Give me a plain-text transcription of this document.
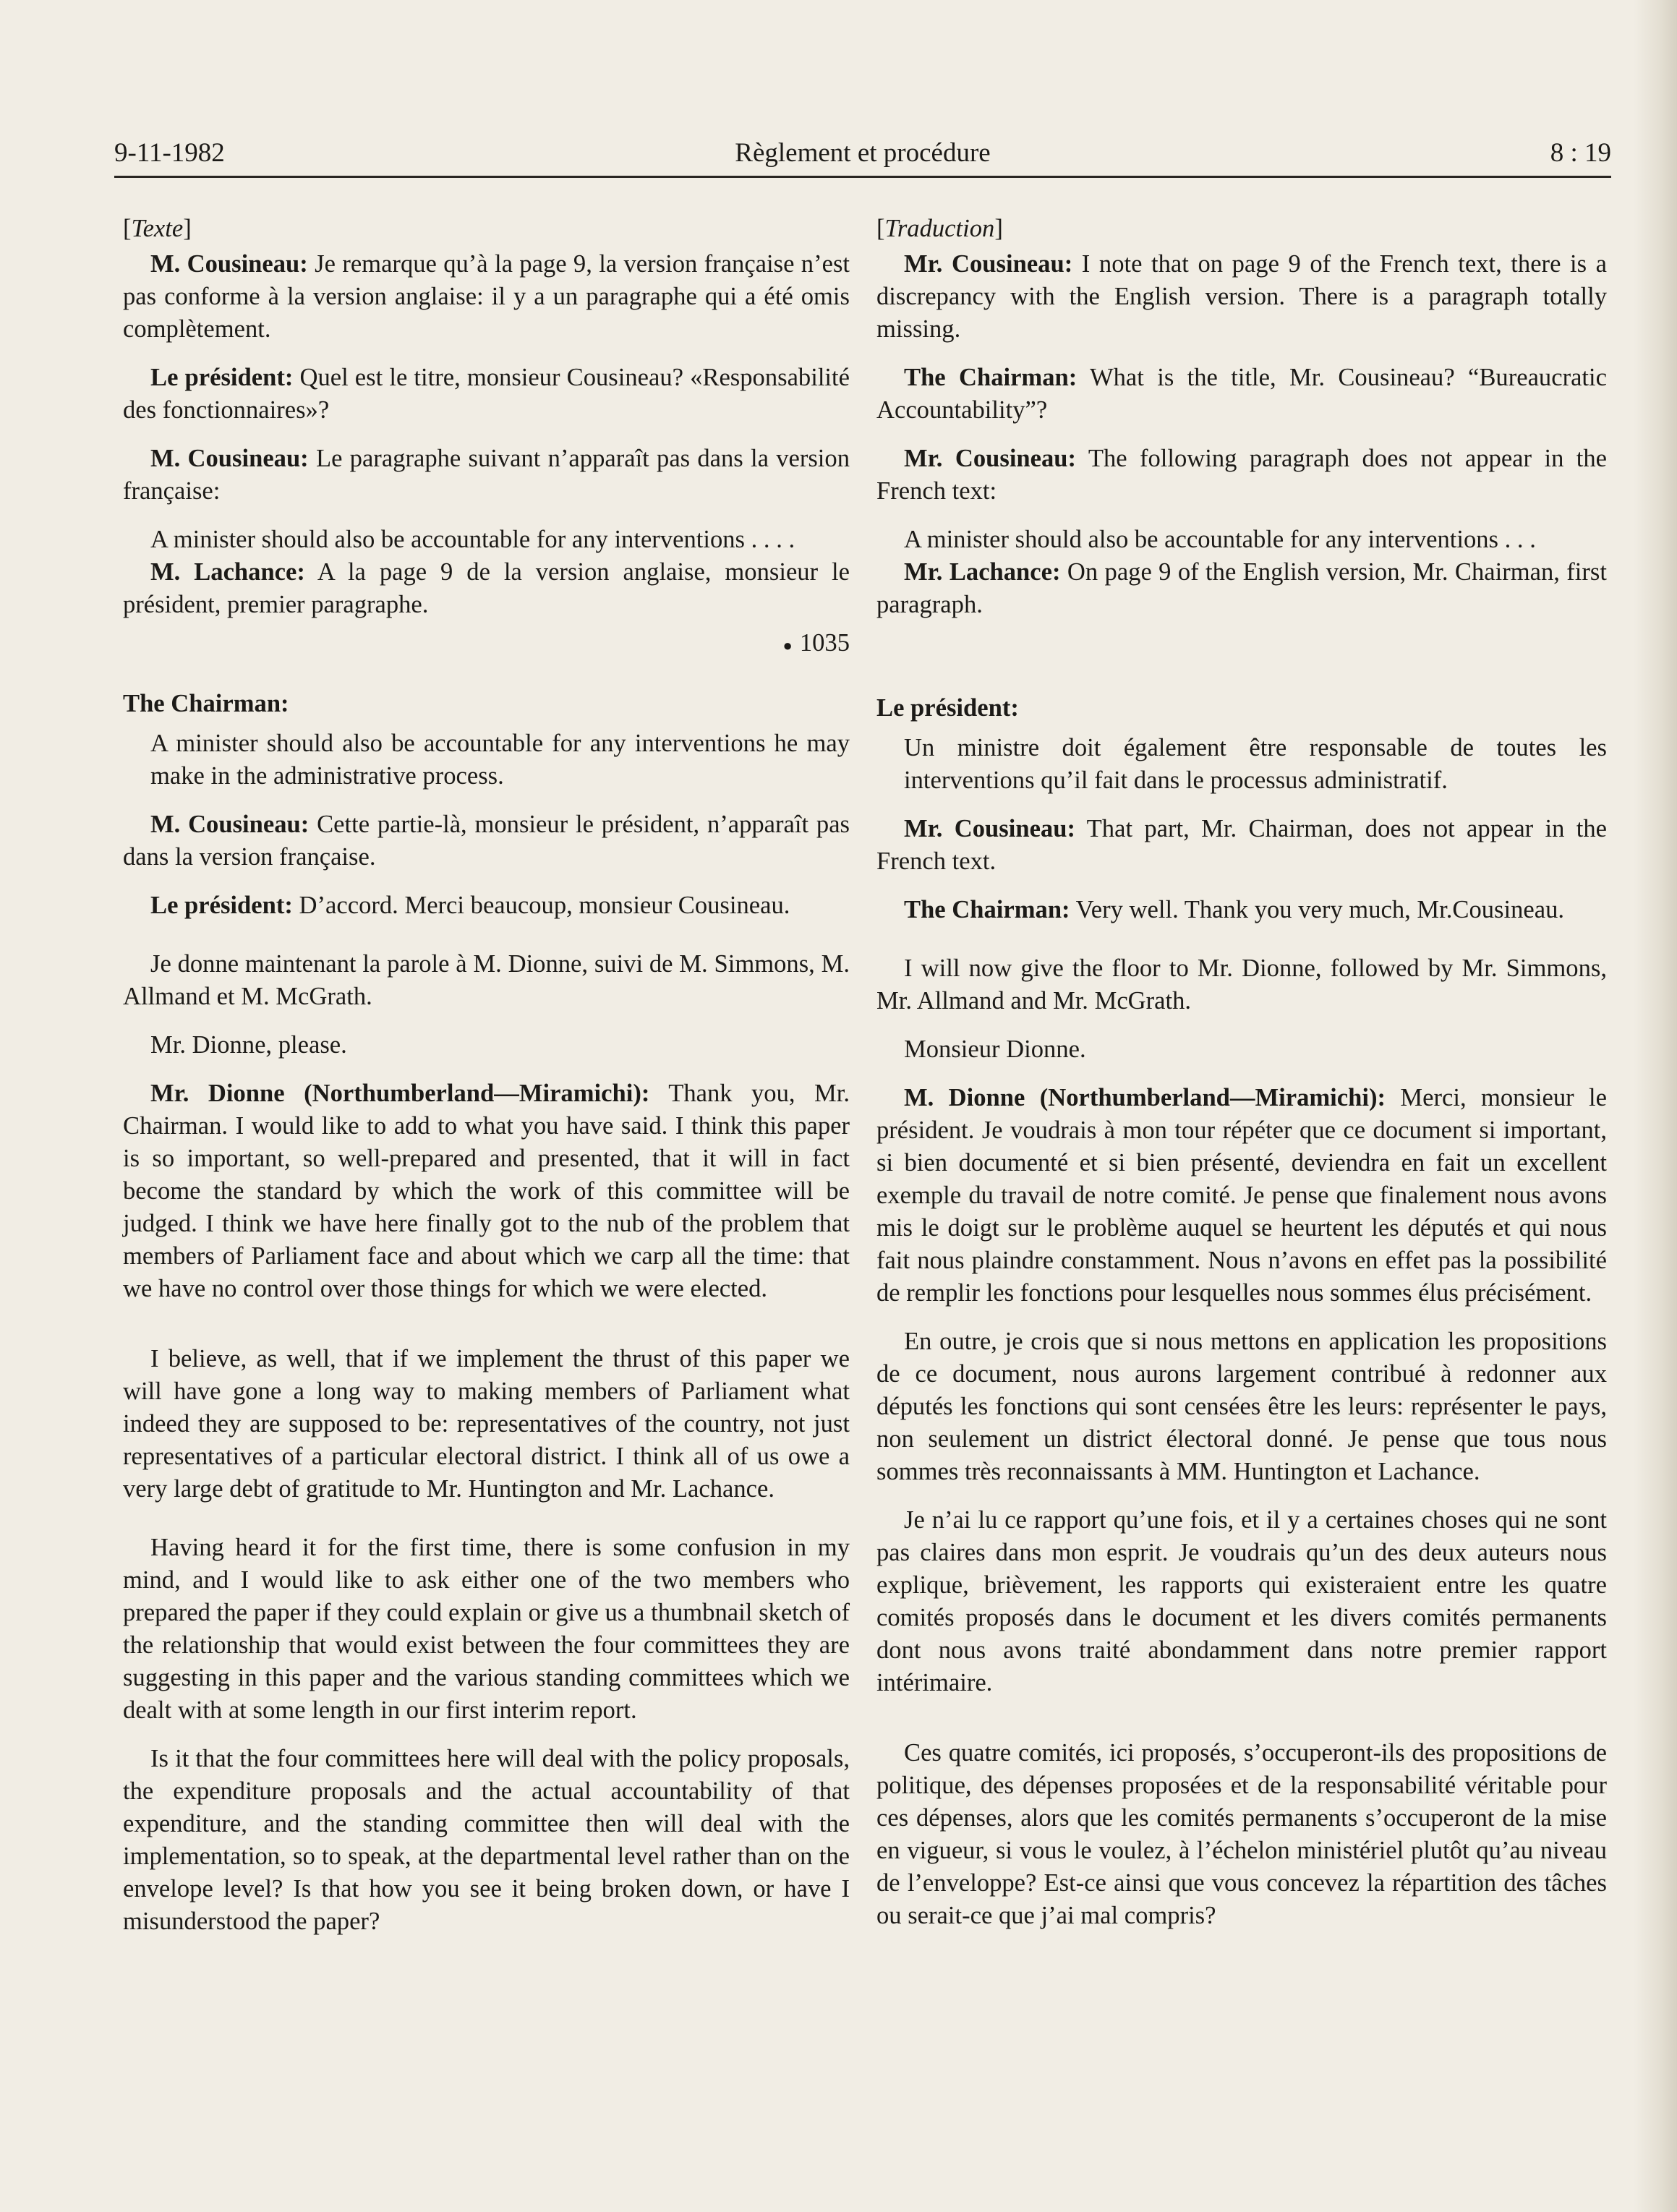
9-11-1982	Règlement et procédure	8 : 19

[Texte]

M. Cousineau: Je remarque qu’à la page 9, la version française n’est pas conforme à la version anglaise: il y a un paragraphe qui a été omis complètement.

Le président: Quel est le titre, monsieur Cousineau? «Responsabilité des fonctionnaires»?

M. Cousineau: Le paragraphe suivant n’apparaît pas dans la version française:

A minister should also be accountable for any interventions . . . .

M. Lachance: A la page 9 de la version anglaise, monsieur le président, premier paragraphe.

● 1035

The Chairman:

A minister should also be accountable for any interventions he may make in the administrative process.

M. Cousineau: Cette partie-là, monsieur le président, n’apparaît pas dans la version française.

Le président: D’accord. Merci beaucoup, monsieur Cousineau.

Je donne maintenant la parole à M. Dionne, suivi de M. Simmons, M. Allmand et M. McGrath.

Mr. Dionne, please.

Mr. Dionne (Northumberland—Miramichi): Thank you, Mr. Chairman. I would like to add to what you have said. I think this paper is so important, so well-prepared and presented, that it will in fact become the standard by which the work of this committee will be judged. I think we have here finally got to the nub of the problem that members of Parliament face and about which we carp all the time: that we have no control over those things for which we were elected.

I believe, as well, that if we implement the thrust of this paper we will have gone a long way to making members of Parliament what indeed they are supposed to be: representatives of the country, not just representatives of a particular electoral district. I think all of us owe a very large debt of gratitude to Mr. Huntington and Mr. Lachance.

Having heard it for the first time, there is some confusion in my mind, and I would like to ask either one of the two members who prepared the paper if they could explain or give us a thumbnail sketch of the relationship that would exist between the four committees they are suggesting in this paper and the various standing committees which we dealt with at some length in our first interim report.

Is it that the four committees here will deal with the policy proposals, the expenditure proposals and the actual accountability of that expenditure, and the standing committee then will deal with the implementation, so to speak, at the departmental level rather than on the envelope level? Is that how you see it being broken down, or have I misunderstood the paper?

[Traduction]

Mr. Cousineau: I note that on page 9 of the French text, there is a discrepancy with the English version. There is a paragraph totally missing.

The Chairman: What is the title, Mr. Cousineau? “Bureaucratic Accountability”?

Mr. Cousineau: The following paragraph does not appear in the French text:

A minister should also be accountable for any interventions . . .

Mr. Lachance: On page 9 of the English version, Mr. Chairman, first paragraph.

Le président:

Un ministre doit également être responsable de toutes les interventions qu’il fait dans le processus administratif.

Mr. Cousineau: That part, Mr. Chairman, does not appear in the French text.

The Chairman: Very well. Thank you very much, Mr.Cousineau.

I will now give the floor to Mr. Dionne, followed by Mr. Simmons, Mr. Allmand and Mr. McGrath.

Monsieur Dionne.

M. Dionne (Northumberland—Miramichi): Merci, monsieur le président. Je voudrais à mon tour répéter que ce document si important, si bien documenté et si bien présenté, deviendra en fait un excellent exemple du travail de notre comité. Je pense que finalement nous avons mis le doigt sur le problème auquel se heurtent les députés et qui nous fait nous plaindre constamment. Nous n’avons en effet pas la possibilité de remplir les fonctions pour lesquelles nous sommes élus précisément.

En outre, je crois que si nous mettons en application les propositions de ce document, nous aurons largement contribué à redonner aux députés les fonctions qui sont censées être les leurs: représenter le pays, non seulement un district électoral donné. Je pense que tous nous sommes très reconnaissants à MM. Huntington et Lachance.

Je n’ai lu ce rapport qu’une fois, et il y a certaines choses qui ne sont pas claires dans mon esprit. Je voudrais qu’un des deux auteurs nous explique, brièvement, les rapports qui existeraient entre les quatre comités proposés dans le document et les divers comités permanents dont nous avons traité abondamment dans notre premier rapport intérimaire.

Ces quatre comités, ici proposés, s’occuperont-ils des propositions de politique, des dépenses proposées et de la responsabilité véritable pour ces dépenses, alors que les comités permanents s’occuperont de la mise en vigueur, si vous le voulez, à l’échelon ministériel plutôt qu’au niveau de l’enveloppe? Est-ce ainsi que vous concevez la répartition des tâches ou serait-ce que j’ai mal compris?
